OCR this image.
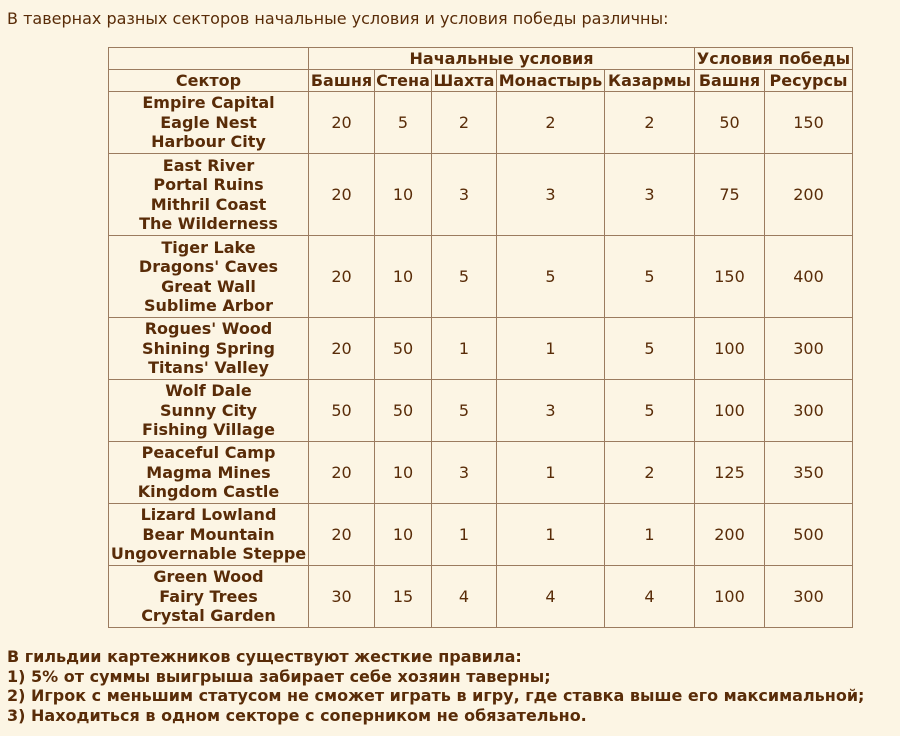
В тавернах разных секторов начальные условия и условия победы различны:
	Начальные условия					Условия победы	
Сектор	Башня	Стена	Шахта	Монастырь	Казармы	Башня	Ресурсы

Empire Capital
Eagle Nest
Harbour City	20	5	2	2	2	50	150

East River
Portal Ruins
Mithril Coast
The Wilderness	20	10	3	3	3	75	200

Tiger Lake
Dragons' Caves
Great Wall
Sublime Arbor	20	10	5	5	5	150	400

Rogues' Wood
Shining Spring
Titans' Valley	20	50	1	1	5	100	300

Wolf Dale
Sunny City
Fishing Village	50	50	5	3	5	100	300

Peaceful Camp
Magma Mines
Kingdom Castle	20	10	3	1	2	125	350

Lizard Lowland
Bear Mountain
Ungovernable Steppe	20	10	1	1	1	200	500

Green Wood
Fairy Trees
Crystal Garden	30	15	4	4	4	100	300
В гильдии картежников существуют жесткие правила:
1) 5% от суммы выигрыша забирает себе хозяин таверны;
2) Игрок с меньшим статусом не сможет играть в игру, где ставка выше его максимальной;
3) Находиться в одном секторе с соперником не обязательно.
